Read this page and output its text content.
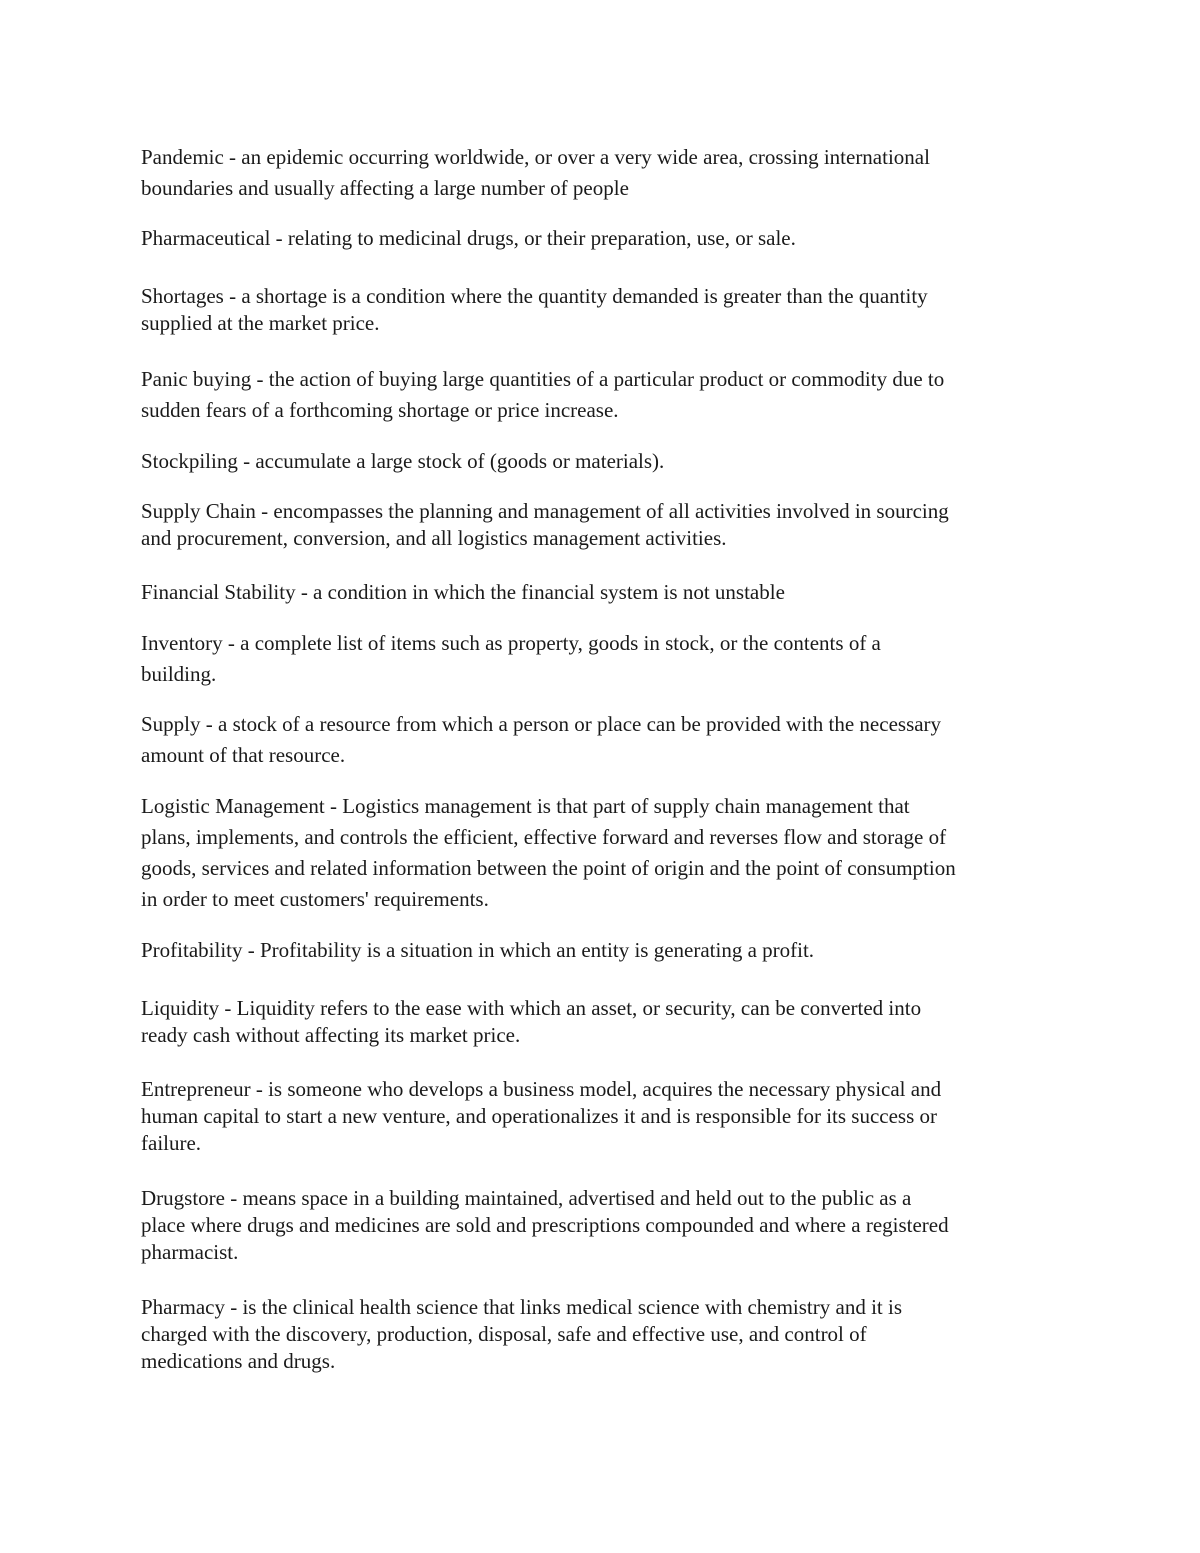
Pandemic - an epidemic occurring worldwide, or over a very wide area, crossing international
boundaries and usually affecting a large number of people

Pharmaceutical - relating to medicinal drugs, or their preparation, use, or sale.

Shortages - a shortage is a condition where the quantity demanded is greater than the quantity
supplied at the market price.

Panic buying - the action of buying large quantities of a particular product or commodity due to
sudden fears of a forthcoming shortage or price increase.

Stockpiling - accumulate a large stock of (goods or materials).

Supply Chain - encompasses the planning and management of all activities involved in sourcing
and procurement, conversion, and all logistics management activities.

Financial Stability - a condition in which the financial system is not unstable

Inventory - a complete list of items such as property, goods in stock, or the contents of a
building.

Supply - a stock of a resource from which a person or place can be provided with the necessary
amount of that resource.

Logistic Management - Logistics management is that part of supply chain management that
plans, implements, and controls the efficient, effective forward and reverses flow and storage of
goods, services and related information between the point of origin and the point of consumption
in order to meet customers' requirements.

Profitability - Profitability is a situation in which an entity is generating a profit.

Liquidity - Liquidity refers to the ease with which an asset, or security, can be converted into
ready cash without affecting its market price.

Entrepreneur - is someone who develops a business model, acquires the necessary physical and
human capital to start a new venture, and operationalizes it and is responsible for its success or
failure.

Drugstore - means space in a building maintained, advertised and held out to the public as a
place where drugs and medicines are sold and prescriptions compounded and where a registered
pharmacist.

Pharmacy - is the clinical health science that links medical science with chemistry and it is
charged with the discovery, production, disposal, safe and effective use, and control of
medications and drugs.
